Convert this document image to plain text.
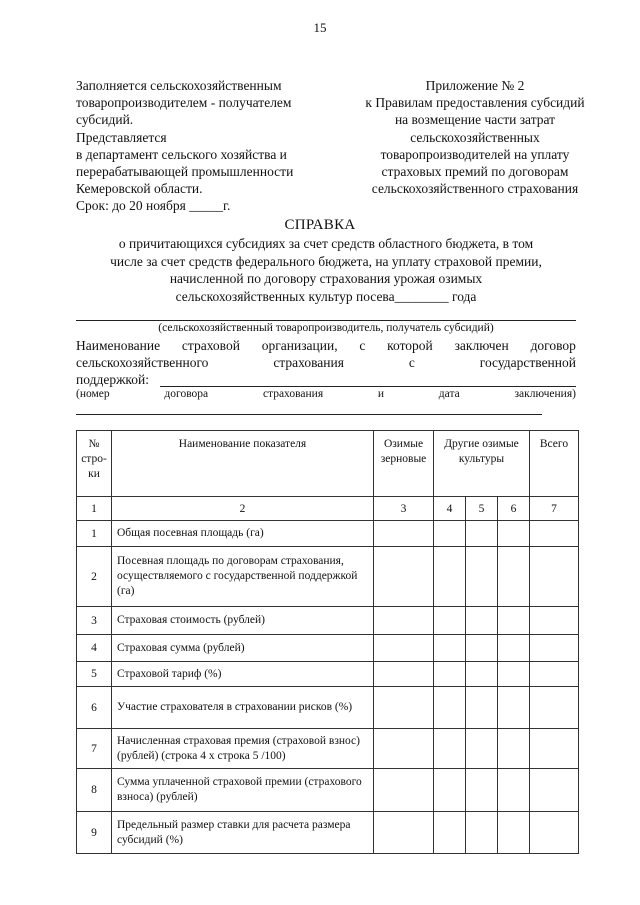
15
Заполняется сельскохозяйственным
товаропроизводителем - получателем
субсидий.
Представляется
в департамент сельского хозяйства и
перерабатывающей промышленности
Кемеровской области.
Срок: до 20 ноября _____г.
Приложение № 2
к Правилам предоставления субсидий
на возмещение части затрат
сельскохозяйственных
товаропроизводителей на уплату
страховых премий по договорам
сельскохозяйственного страхования
СПРАВКА
о причитающихся субсидиях за счет средств областного бюджета, в том
числе за счет средств федерального бюджета, на уплату страховой премии,
начисленной по договору страхования урожая озимых
сельскохозяйственных культур посева________ года
(сельскохозяйственный товаропроизводитель, получатель субсидий)
Наименование страховой организации, с которой заключен договор
сельскохозяйственного	страхования	с	государственной
поддержкой:
(номер	договора	страхования	и	дата	заключения)
№ стро-ки	Наименование показателя	Озимые зерновые	Другие озимые культуры			Всего
1	2	3	4	5	6	7
1	Общая посевная площадь (га)					
2	Посевная площадь по договорам страхования, осуществляемого с государственной поддержкой (га)					
3	Страховая стоимость (рублей)					
4	Страховая сумма (рублей)					
5	Страховой тариф (%)					
6	Участие страхователя в страховании рисков (%)					
7	Начисленная страховая премия (страховой взнос) (рублей) (строка 4 х строка 5 /100)					
8	Сумма уплаченной страховой премии (страхового взноса) (рублей)					
9	Предельный размер ставки для расчета размера субсидий (%)					
